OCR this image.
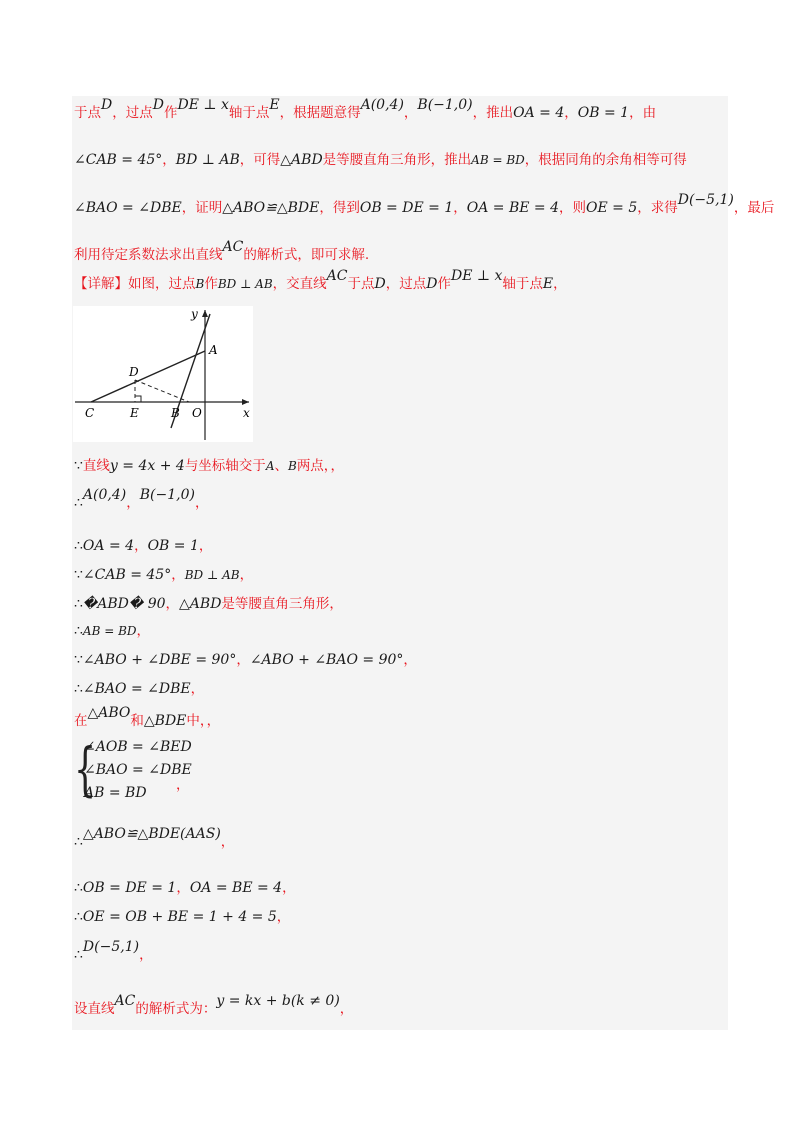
于点D，过点D作DE ⊥ x轴于点E，根据题意得A(0,4)，B(−1,0)，推出OA = 4，OB = 1，由
∠CAB = 45°，BD ⊥ AB，可得△ABD是等腰直角三角形，推出AB = BD，根据同角的余角相等可得
∠BAO = ∠DBE，证明△ABO≌△BDE，得到OB = DE = 1，OA = BE = 4，则OE = 5，求得D(−5,1)，最后
利用待定系数法求出直线AC的解析式，即可求解.
【详解】如图，过点B作BD ⊥ AB，交直线AC于点D，过点D作DE ⊥ x轴于点E，
y
x
A
D
C	E	B O
∵直线y = 4x + 4与坐标轴交于A、B两点，，
∴A(0,4)，B(−1,0)，
∴OA = 4，OB = 1，
∵∠CAB = 45°，BD ⊥ AB，
∴�ABD� 90，△ABD是等腰直角三角形，
∴AB = BD，
∵∠ABO + ∠DBE = 90°，∠ABO + ∠BAO = 90°，
∴∠BAO = ∠DBE，
在△ABO和△BDE中，，
{
∠AOB = ∠BED
∠BAO = ∠DBE
AB = BD ，
∴△ABO≌△BDE(AAS)，
∴OB = DE = 1，OA = BE = 4，
∴OE = OB + BE = 1 + 4 = 5，
∴D(−5,1)，
设直线AC的解析式为：y = kx + b(k ≠ 0)，
